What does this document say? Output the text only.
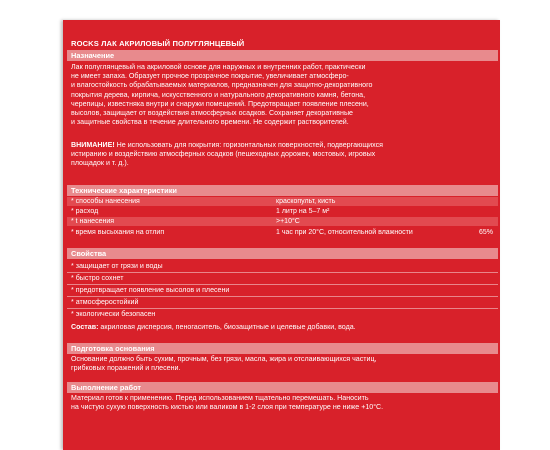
ROCKS ЛАК АКРИЛОВЫЙ ПОЛУГЛЯНЦЕВЫЙ
Назначение
Лак полуглянцевый на акриловой основе для наружных и внутренних работ, практически
не имеет запаха. Образует прочное прозрачное покрытие, увеличивает атмосферо-
и влагостойкость обрабатываемых материалов, предназначен для защитно-декоративного
покрытия дерева, кирпича, искусственного и натурального декоративного камня, бетона,
черепицы, известняка внутри и снаружи помещений. Предотвращает появление плесени,
высолов, защищает от воздействия атмосферных осадков. Сохраняет декоративные
и защитные свойства в течение длительного времени. Не содержит растворителей.
ВНИМАНИЕ! Не использовать для покрытия: горизонтальных поверхностей, подвергающихся
истиранию и воздействию атмосферных осадков (пешеходных дорожек, мостовых, игровых
площадок и т. д.).
Технические характеристики
* способы нанесения	краскопульт, кисть
* расход	1 литр на 5–7 м²
* t нанесения	>+10°С
* время высыхания на отлип	1 час при 20°С, относительной влажности	65%
Свойства
* защищает от грязи и воды
* быстро сохнет
* предотвращает появление высолов и плесени
* атмосферостойкий
* экологически безопасен
Состав: акриловая дисперсия, пеногаситель, биозащитные и целевые добавки, вода.
Подготовка основания
Основание должно быть сухим, прочным, без грязи, масла, жира и отслаивающихся частиц,
грибковых поражений и плесени.
Выполнение работ
Материал готов к применению. Перед использованием тщательно перемешать. Наносить
на чистую сухую поверхность кистью или валиком в 1-2 слоя при температуре не ниже +10°С.
